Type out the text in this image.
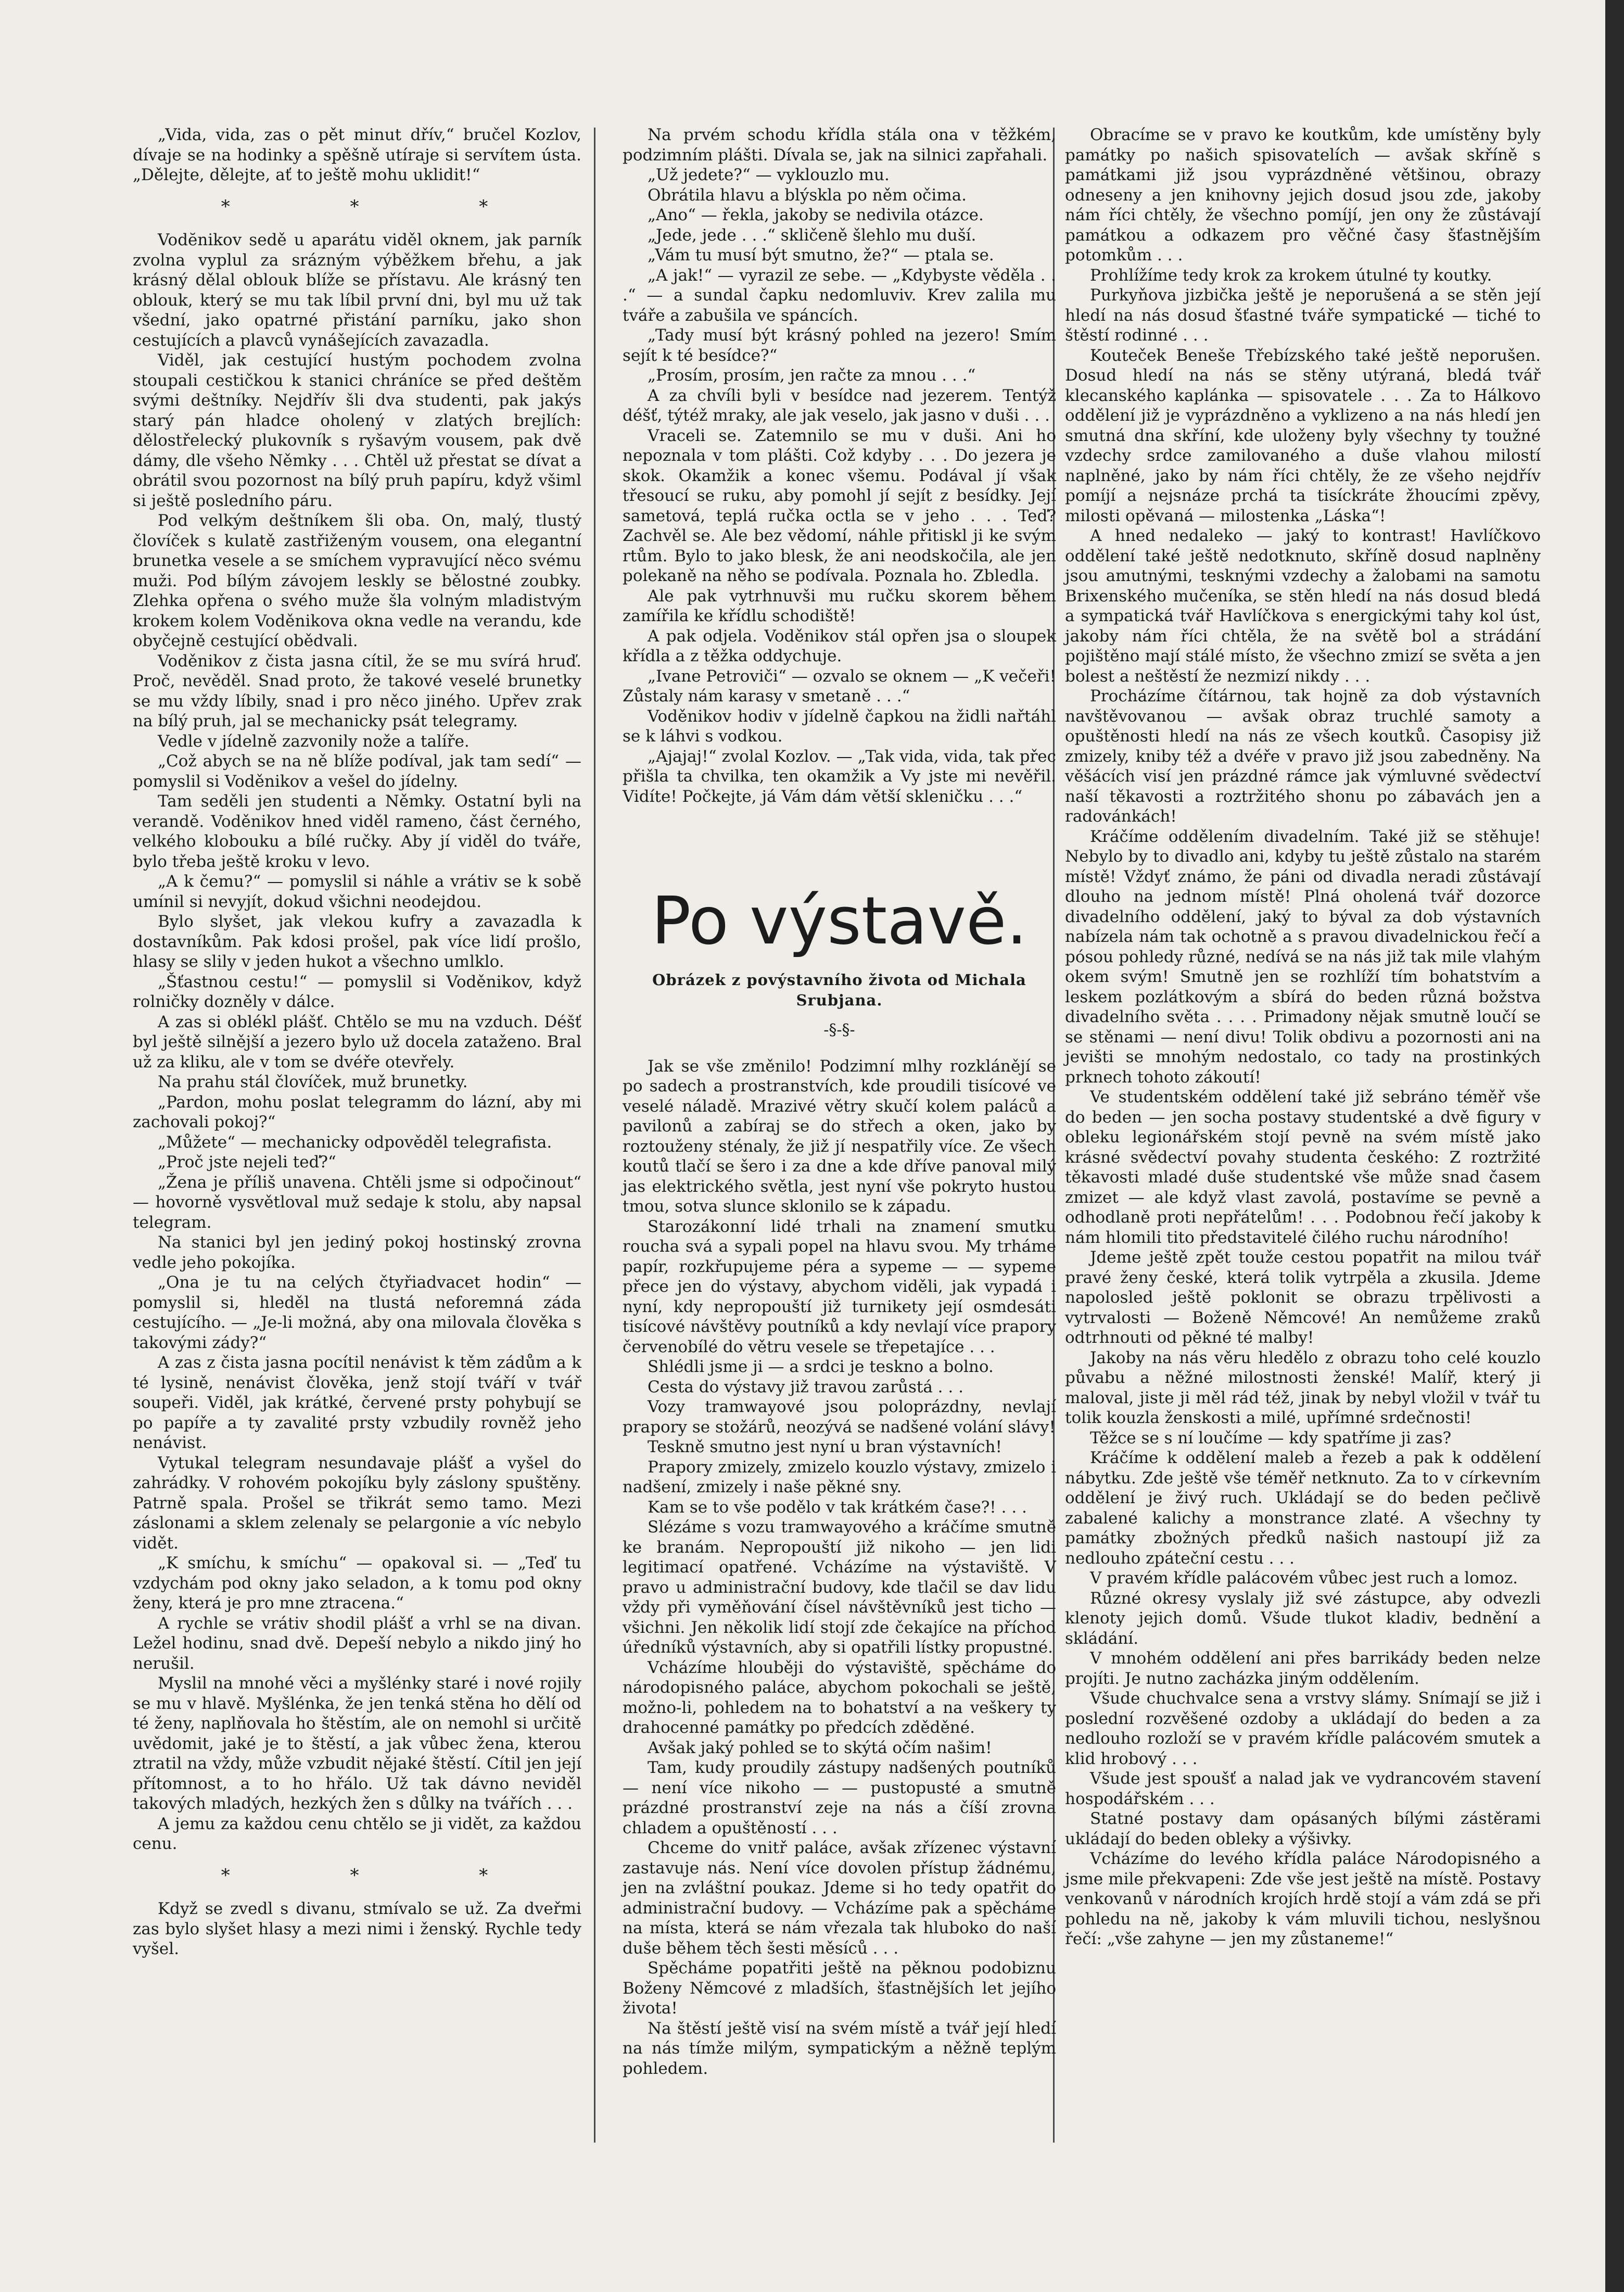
„Vida, vida, zas o pět minut dřív,“ bručel Kozlov, dívaje se na hodinky a spěšně utíraje si servítem ústa. „Dělejte, dělejte, ať to ještě mohu uklidit!“

* * *

Vodĕnikov sedě u aparátu viděl oknem, jak parník zvolna vyplul za srázným výběžkem břehu, a jak krásný dělal oblouk blíže se přístavu. Ale krásný ten oblouk, který se mu tak líbil první dni, byl mu už tak všední, jako opatrné přistání parníku, jako shon cestujících a plavců vynášejících zavazadla.

Viděl, jak cestující hustým pochodem zvolna stoupali cestičkou k stanici chráníce se před deštěm svými deštníky. Nejdřív šli dva studenti, pak jakýs starý pán hladce oholený v zlatých brejlích: dělostřelecký plukovník s ryšavým vousem, pak dvě dámy, dle všeho Němky . . . Chtěl už přestat se dívat a obrátil svou pozornost na bílý pruh papíru, když všiml si ještě posledního páru.

Pod velkým deštníkem šli oba. On, malý, tlustý človíček s kulatě zastřiženým vousem, ona elegantní brunetka vesele a se smíchem vypravující něco svému muži. Pod bílým závojem leskly se bělostné zoubky. Zlehka opřena o svého muže šla volným mladistvým krokem kolem Voděnikova okna vedle na verandu, kde obyčejně cestující obědvali.

Voděnikov z čista jasna cítil, že se mu svírá hruď. Proč, nevěděl. Snad proto, že takové veselé brunetky se mu vždy líbily, snad i pro něco jiného. Upřev zrak na bílý pruh, jal se mechanicky psát telegramy.

Vedle v jídelně zazvonily nože a talíře.

„Což abych se na ně blíže podíval, jak tam sedí“ — pomyslil si Voděnikov a vešel do jídelny.

Tam seděli jen studenti a Němky. Ostatní byli na verandě. Voděnikov hned viděl rameno, část černého, velkého klobouku a bílé ručky. Aby jí viděl do tváře, bylo třeba ještě kroku v levo.

„A k čemu?“ — pomyslil si náhle a vrátiv se k sobě umínil si nevyjít, dokud všichni neodejdou.

Bylo slyšet, jak vlekou kufry a zavazadla k dostavníkům. Pak kdosi prošel, pak více lidí prošlo, hlasy se slily v jeden hukot a všechno umlklo.

„Šťastnou cestu!“ — pomyslil si Voděnikov, když rolničky dozněly v dálce.

A zas si oblékl plášť. Chtělo se mu na vzduch. Déšť byl ještě silnější a jezero bylo už docela zataženo. Bral už za kliku, ale v tom se dvéře otevřely.

Na prahu stál človíček, muž brunetky.

„Pardon, mohu poslat telegramm do lázní, aby mi zachovali pokoj?“

„Můžete“ — mechanicky odpověděl telegrafista.

„Proč jste nejeli teď?“

„Žena je příliš unavena. Chtěli jsme si odpočinout“ — hovorně vysvětloval muž sedaje k stolu, aby napsal telegram.

Na stanici byl jen jediný pokoj hostinský zrovna vedle jeho pokojíka.

„Ona je tu na celých čtyřiadvacet hodin“ — pomyslil si, hleděl na tlustá neforemná záda cestujícího. — „Je-li možná, aby ona milovala člověka s takovými zády?“

A zas z čista jasna pocítil nenávist k těm zádům a k té lysině, nenávist člověka, jenž stojí tváří v tvář soupeři. Viděl, jak krátké, červené prsty pohybují se po papíře a ty zavalité prsty vzbudily rovněž jeho nenávist.

Vytukal telegram nesundavaje plášť a vyšel do zahrádky. V rohovém pokojíku byly záslony spuštěny. Patrně spala. Prošel se třikrát semo tamo. Mezi záslonami a sklem zelenaly se pelargonie a víc nebylo vidět.

„K smíchu, k smíchu“ — opakoval si. — „Teď tu vzdychám pod okny jako seladon, a k tomu pod okny ženy, která je pro mne ztracena.“

A rychle se vrátiv shodil plášť a vrhl se na divan. Ležel hodinu, snad dvě. Depeší nebylo a nikdo jiný ho nerušil.

Myslil na mnohé věci a myšlénky staré i nové rojily se mu v hlavě. Myšlénka, že jen tenká stěna ho dělí od té ženy, naplňovala ho štěstím, ale on nemohl si určitě uvědomit, jaké je to štěstí, a jak vůbec žena, kterou ztratil na vždy, může vzbudit nějaké štěstí. Cítil jen její přítomnost, a to ho hřálo. Už tak dávno neviděl takových mladých, hezkých žen s důlky na tvářích . . .

A jemu za každou cenu chtělo se ji vidět, za každou cenu.

* * *

Když se zvedl s divanu, stmívalo se už. Za dveřmi zas bylo slyšet hlasy a mezi nimi i ženský. Rychle tedy vyšel.

Na prvém schodu křídla stála ona v těžkém, podzimním plášti. Dívala se, jak na silnici zapřahali.

„Už jedete?“ — vyklouzlo mu.

Obrátila hlavu a blýskla po něm očima.

„Ano“ — řekla, jakoby se nedivila otázce.

„Jede, jede . . .“ skličeně šlehlo mu duší.

„Vám tu musí být smutno, že?“ — ptala se.

„A jak!“ — vyrazil ze sebe. — „Kdybyste věděla . . .“ — a sundal čapku nedomluviv. Krev zalila mu tváře a zabušila ve spáncích.

„Tady musí být krásný pohled na jezero! Smím sejít k té besídce?“

„Prosím, prosím, jen račte za mnou . . .“

A za chvíli byli v besídce nad jezerem. Tentýž déšť, týtéž mraky, ale jak veselo, jak jasno v duši . . .

Vraceli se. Zatemnilo se mu v duši. Ani ho nepoznala v tom plášti. Což kdyby . . . Do jezera je skok. Okamžik a konec všemu. Podával jí však třesoucí se ruku, aby pomohl jí sejít z besídky. Její sametová, teplá ručka octla se v jeho . . . Teď? Zachvěl se. Ale bez vědomí, náhle přitiskl ji ke svým rtům. Bylo to jako blesk, že ani neodskočila, ale jen polekaně na něho se podívala. Poznala ho. Zbledla.

Ale pak vytrhnuvši mu ručku skorem během zamířila ke křídlu schodiště!

A pak odjela. Voděnikov stál opřen jsa o sloupek křídla a z těžka oddychuje.

„Ivane Petroviči“ — ozvalo se oknem — „K večeři! Zůstaly nám karasy v smetaně . . .“

Voděnikov hodiv v jídelně čapkou na židli nařtáhl se k láhvi s vodkou.

„Ajajaj!“ zvolal Kozlov. — „Tak vida, vida, tak přec přišla ta chvilka, ten okamžik a Vy jste mi nevěřil. Vidíte! Počkejte, já Vám dám větší skleničku . . .“

Po výstavě.
Obrázek z povýstavního života od Michala Srubjana.
-§-§-

Jak se vše změnilo! Podzimní mlhy rozklánějí se po sadech a prostranstvích, kde proudili tisícové ve veselé náladě. Mrazivé větry skučí kolem paláců a pavilonů a zabíraj se do střech a oken, jako by roztouženy sténaly, že již jí nespatřily více. Ze všech koutů tlačí se šero i za dne a kde dříve panoval milý jas elektrického světla, jest nyní vše pokryto hustou tmou, sotva slunce sklonilo se k západu.

Starozákonní lidé trhali na znamení smutku roucha svá a sypali popel na hlavu svou. My trháme papír, rozkřupujeme péra a sypeme — — sypeme přece jen do výstavy, abychom viděli, jak vypadá i nyní, kdy nepropouští již turnikety její osmdesáti tisícové návštěvy poutníků a kdy nevlají více prapory červenobílé do větru vesele se třepetajíce . . .

Shlédli jsme ji — a srdci je teskno a bolno.

Cesta do výstavy již travou zarůstá . . .

Vozy tramwayové jsou poloprázdny, nevlají prapory se stožárů, neozývá se nadšené volání slávy!

Teskně smutno jest nyní u bran výstavních!

Prapory zmizely, zmizelo kouzlo výstavy, zmizelo i nadšení, zmizely i naše pěkné sny.

Kam se to vše podělo v tak krátkém čase?! . . .

Slézáme s vozu tramwayového a kráčíme smutně ke branám. Nepropouští již nikoho — jen lidi legitimací opatřené. Vcházíme na výstaviště. V pravo u administrační budovy, kde tlačil se dav lidu vždy při vyměňování čísel návštěvníků jest ticho — všichni. Jen několik lidí stojí zde čekajíce na příchod úředníků výstavních, aby si opatřili lístky propustné.

Vcházíme hlouběji do výstaviště, spěcháme do národopisného paláce, abychom pokochali se ještě, možno-li, pohledem na to bohatství a na veškery ty drahocenné památky po předcích zděděné.

Avšak jaký pohled se to skýtá očím našim!

Tam, kudy proudily zástupy nadšených poutníků — není více nikoho — — pustopusté a smutně prázdné prostranství zeje na nás a číší zrovna chladem a opuštěností . . .

Chceme do vnitř paláce, avšak zřízenec výstavní zastavuje nás. Není více dovolen přístup žádnému, jen na zvláštní poukaz. Jdeme si ho tedy opatřit do administrační budovy. — Vcházíme pak a spěcháme na místa, která se nám vřezala tak hluboko do naší duše během těch šesti měsíců . . .

Spěcháme popatřiti ještě na pěknou podobiznu Boženy Němcové z mladších, šťastnějších let jejího života!

Na štěstí ještě visí na svém místě a tvář její hledí na nás tímže milým, sympatickým a něžně teplým pohledem.

Obracíme se v pravo ke koutkům, kde umístěny byly památky po našich spisovatelích — avšak skříně s památkami již jsou vyprázdněné většinou, obrazy odneseny a jen knihovny jejich dosud jsou zde, jakoby nám říci chtěly, že všechno pomíjí, jen ony že zůstávají památkou a odkazem pro věčné časy šťastnějším potomkům . . .

Prohlížíme tedy krok za krokem útulné ty koutky.

Purkyňova jizbička ještě je neporušená a se stěn její hledí na nás dosud šťastné tváře sympatické — tiché to štěstí rodinné . . .

Kouteček Beneše Třebízského také ještě neporušen. Dosud hledí na nás se stěny utýraná, bledá tvář klecanského kaplánka — spisovatele . . . Za to Hálkovo oddělení již je vyprázdněno a vyklizeno a na nás hledí jen smutná dna skříní, kde uloženy byly všechny ty toužné vzdechy srdce zamilovaného a duše vlahou milostí naplněné, jako by nám říci chtěly, že ze všeho nejdřív pomíjí a nejsnáze prchá ta tisíckráte žhoucími zpěvy, milosti opěvaná — milostenka „Láska“!

A hned nedaleko — jaký to kontrast! Havlíčkovo oddělení také ještě nedotknuto, skříně dosud naplněny jsou amutnými, tesknými vzdechy a žalobami na samotu Brixenského mučeníka, se stěn hledí na nás dosud bledá a sympatická tvář Havlíčkova s energickými tahy kol úst, jakoby nám říci chtěla, že na světě bol a strádání pojištěno mají stálé místo, že všechno zmizí se světa a jen bolest a neštěstí že nezmizí nikdy . . .

Procházíme čítárnou, tak hojně za dob výstavních navštěvovanou — avšak obraz truchlé samoty a opuštěnosti hledí na nás ze všech koutků. Časopisy již zmizely, kniby též a dvéře v pravo již jsou zabedněny. Na věšácích visí jen prázdné rámce jak výmluvné svědectví naší těkavosti a roztržitého shonu po zábavách jen a radovánkách!

Kráčíme oddělením divadelním. Také již se stěhuje! Nebylo by to divadlo ani, kdyby tu ještě zůstalo na starém místě! Vždyť známo, že páni od divadla neradi zůstávají dlouho na jednom místě! Plná oholená tvář dozorce divadelního oddělení, jaký to býval za dob výstavních nabízela nám tak ochotně a s pravou divadelnickou řečí a pósou pohledy různé, nedívá se na nás již tak mile vlahým okem svým! Smutně jen se rozhlíží tím bohatstvím a leskem pozlátkovým a sbírá do beden různá božstva divadelního světa . . . . Primadony nějak smutně loučí se se stěnami — není divu! Tolik obdivu a pozornosti ani na jevišti se mnohým nedostalo, co tady na prostinkých prknech tohoto zákoutí!

Ve studentském oddělení také již sebráno téměř vše do beden — jen socha postavy studentské a dvě figury v obleku legionářském stojí pevně na svém místě jako krásné svědectví povahy studenta českého: Z roztržité těkavosti mladé duše studentské vše může snad časem zmizet — ale když vlast zavolá, postavíme se pevně a odhodlaně proti nepřátelům! . . . Podobnou řečí jakoby k nám hlomili tito představitelé čilého ruchu národního!

Jdeme ještě zpět touže cestou popatřit na milou tvář pravé ženy české, která tolik vytrpěla a zkusila. Jdeme napolosled ještě poklonit se obrazu trpělivosti a vytrvalosti — Boženě Němcové! An nemůžeme zraků odtrhnouti od pěkné té malby!

Jakoby na nás věru hledělo z obrazu toho celé kouzlo půvabu a něžné milostnosti ženské! Malíř, který ji maloval, jiste ji měl rád též, jinak by nebyl vložil v tvář tu tolik kouzla ženskosti a milé, upřímné srdečnosti!

Těžce se s ní loučíme — kdy spatříme ji zas?

Kráčíme k oddělení maleb a řezeb a pak k oddělení nábytku. Zde ještě vše téměř netknuto. Za to v církevním oddělení je živý ruch. Ukládají se do beden pečlivě zabalené kalichy a monstrance zlaté. A všechny ty památky zbožných předků našich nastoupí již za nedlouho zpáteční cestu . . .

V pravém křídle palácovém vůbec jest ruch a lomoz.

Různé okresy vyslaly již své zástupce, aby odvezli klenoty jejich domů. Všude tlukot kladiv, bednění a skládání.

V mnohém oddělení ani přes barrikády beden nelze projíti. Je nutno zacházka jiným oddělením.

Všude chuchvalce sena a vrstvy slámy. Snímají se již i poslední rozvěšené ozdoby a ukládají do beden a za nedlouho rozloží se v pravém křídle palácovém smutek a klid hrobový . . .

Všude jest spoušť a nalad jak ve vydrancovém stavení hospodářském . . .

Statné postavy dam opásaných bílými zástěrami ukládají do beden obleky a výšivky.

Vcházíme do levého křídla paláce Národopisného a jsme mile překvapeni: Zde vše jest ještě na místě. Postavy venkovanů v národních krojích hrdě stojí a vám zdá se při pohledu na ně, jakoby k vám mluvili tichou, neslyšnou řečí: „vše zahyne — jen my zůstaneme!“
